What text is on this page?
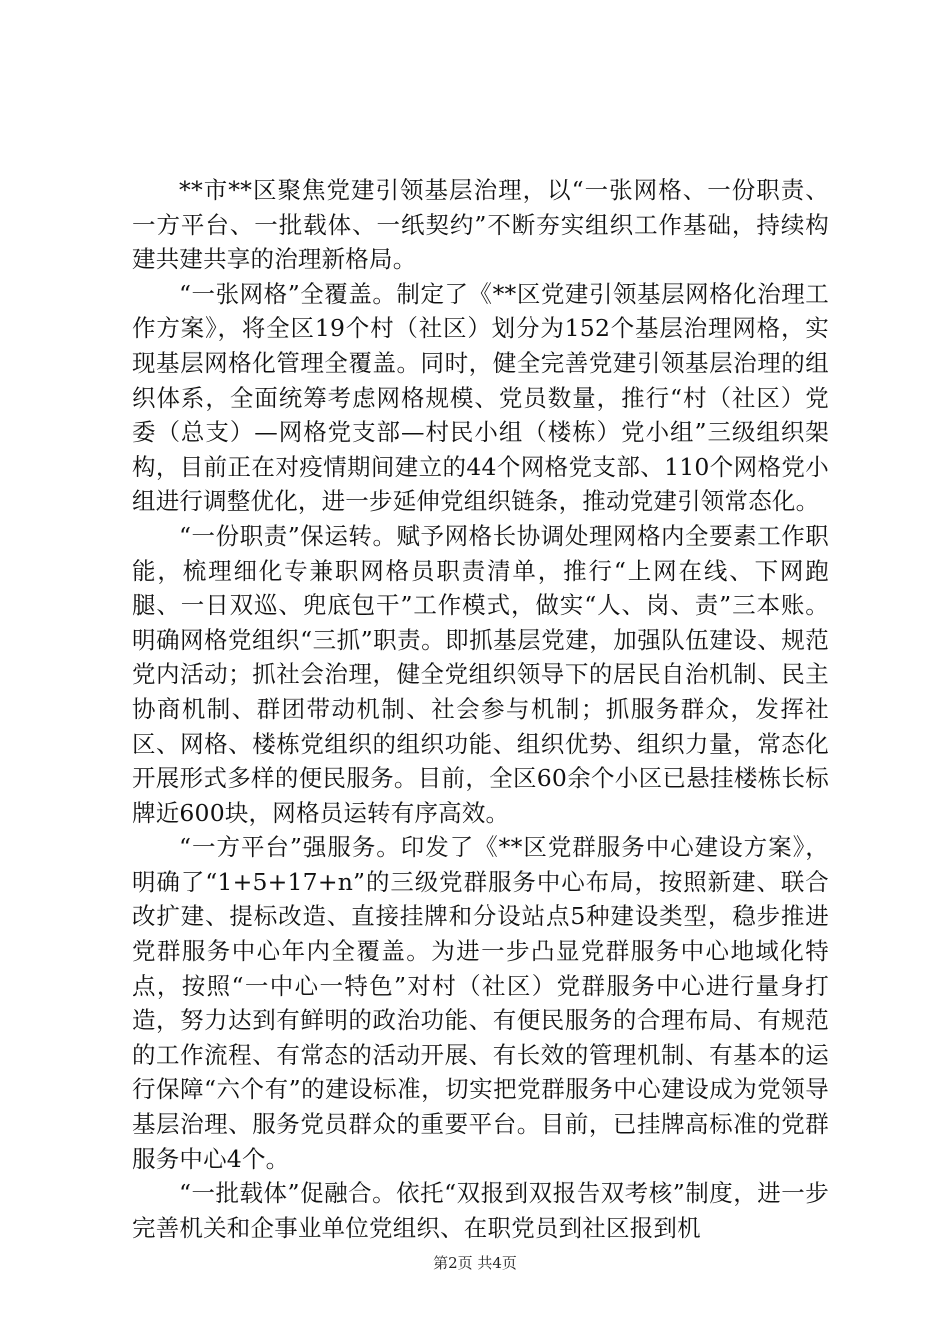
**市**区聚焦党建引领基层治理，以“一张网格、一份职责、一方平台、一批载体、一纸契约”不断夯实组织工作基础，持续构建共建共享的治理新格局。

“一张网格”全覆盖。制定了《**区党建引领基层网格化治理工作方案》，将全区19个村（社区）划分为152个基层治理网格，实现基层网格化管理全覆盖。同时，健全完善党建引领基层治理的组织体系，全面统筹考虑网格规模、党员数量，推行“村（社区）党委（总支）—网格党支部—村民小组（楼栋）党小组”三级组织架构，目前正在对疫情期间建立的44个网格党支部、110个网格党小组进行调整优化，进一步延伸党组织链条，推动党建引领常态化。

“一份职责”保运转。赋予网格长协调处理网格内全要素工作职能，梳理细化专兼职网格员职责清单，推行“上网在线、下网跑腿、一日双巡、兜底包干”工作模式，做实“人、岗、责”三本账。明确网格党组织“三抓”职责。即抓基层党建，加强队伍建设、规范党内活动；抓社会治理，健全党组织领导下的居民自治机制、民主协商机制、群团带动机制、社会参与机制；抓服务群众，发挥社区、网格、楼栋党组织的组织功能、组织优势、组织力量，常态化开展形式多样的便民服务。目前，全区60余个小区已悬挂楼栋长标牌近600块，网格员运转有序高效。

“一方平台”强服务。印发了《**区党群服务中心建设方案》，明确了“1+5+17+n”的三级党群服务中心布局，按照新建、联合改扩建、提标改造、直接挂牌和分设站点5种建设类型，稳步推进党群服务中心年内全覆盖。为进一步凸显党群服务中心地域化特点，按照“一中心一特色”对村（社区）党群服务中心进行量身打造，努力达到有鲜明的政治功能、有便民服务的合理布局、有规范的工作流程、有常态的活动开展、有长效的管理机制、有基本的运行保障“六个有”的建设标准，切实把党群服务中心建设成为党领导基层治理、服务党员群众的重要平台。目前，已挂牌高标准的党群服务中心4个。

“一批载体”促融合。依托“双报到双报告双考核”制度，进一步完善机关和企事业单位党组织、在职党员到社区报到机

第2页 共4页
